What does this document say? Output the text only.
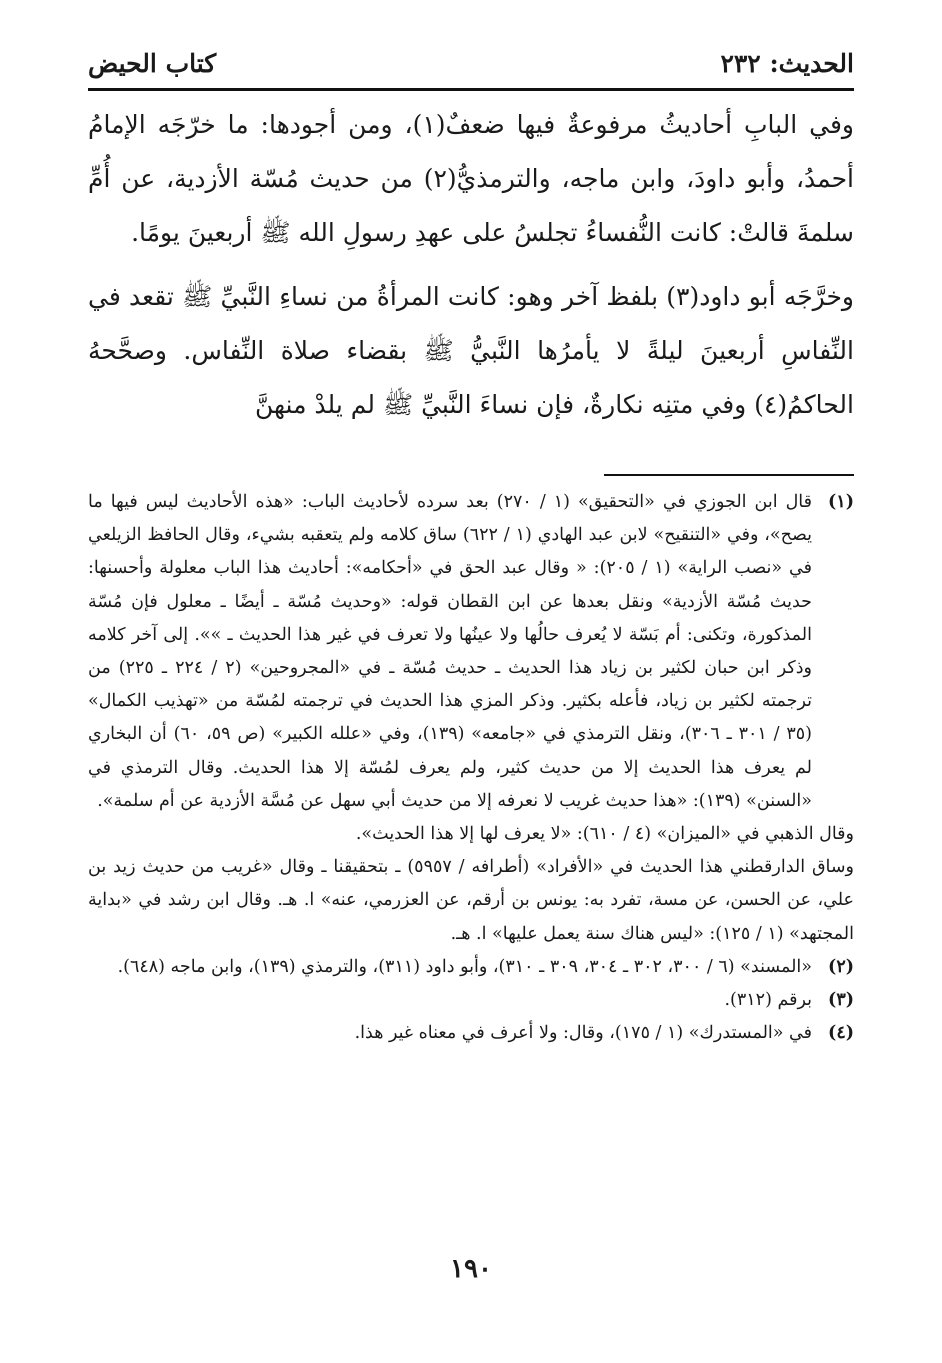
الحديث: ٢٣٢
كتاب الحيض

وفي البابِ أحاديثُ مرفوعةٌ فيها ضعفٌ(١)، ومن أجودها: ما خرّجَه الإمامُ أحمدُ، وأبو داودَ، وابن ماجه، والترمذيُّ(٢) من حديث مُسّة الأزدية، عن أُمِّ سلمةَ قالتْ: كانت النُّفساءُ تجلسُ على عهدِ رسولِ الله ﷺ أربعينَ يومًا.

وخرَّجَه أبو داود(٣) بلفظ آخر وهو: كانت المرأةُ من نساءِ النَّبيِّ ﷺ تقعد في النِّفاسِ أربعينَ ليلةً لا يأمرُها النَّبيُّ ﷺ بقضاء صلاة النِّفاس. وصحَّحهُ الحاكمُ(٤) وفي متنِه نكارةٌ، فإن نساءَ النَّبيِّ ﷺ لم يلدْ منهنَّ

(١)قال ابن الجوزي في «التحقيق» (١ / ٢٧٠) بعد سرده لأحاديث الباب: «هذه الأحاديث ليس فيها ما يصح»، وفي «التنقيح» لابن عبد الهادي (١ / ٦٢٢) ساق كلامه ولم يتعقبه بشيء، وقال الحافظ الزيلعي في «نصب الراية» (١ / ٢٠٥): « وقال عبد الحق في «أحكامه»: أحاديث هذا الباب معلولة وأحسنها: حديث مُسّة الأزدية» ونقل بعدها عن ابن القطان قوله: «وحديث مُسّة ـ أيضًا ـ معلول فإن مُسّة المذكورة، وتكنى: أم بَسّة لا يُعرف حالُها ولا عينُها ولا تعرف في غير هذا الحديث ـ »». إلى آخر كلامه وذكر ابن حبان لكثير بن زياد هذا الحديث ـ حديث مُسّة ـ في «المجروحين» (٢ / ٢٢٤ ـ ٢٢٥) من ترجمته لكثير بن زياد، فأعله بكثير. وذكر المزي هذا الحديث في ترجمته لمُسّة من «تهذيب الكمال» (٣٥ / ٣٠١ ـ ٣٠٦)، ونقل الترمذي في «جامعه» (١٣٩)، وفي «علله الكبير» (ص ٥٩، ٦٠) أن البخاري لم يعرف هذا الحديث إلا من حديث كثير، ولم يعرف لمُسّة إلا هذا الحديث. وقال الترمذي في «السنن» (١٣٩): «هذا حديث غريب لا نعرفه إلا من حديث أبي سهل عن مُسَّة الأزدية عن أم سلمة».

وقال الذهبي في «الميزان» (٤ / ٦١٠): «لا يعرف لها إلا هذا الحديث».

وساق الدارقطني هذا الحديث في «الأفراد» (أطرافه / ٥٩٥٧) ـ بتحقيقنا ـ وقال «غريب من حديث زيد بن علي، عن الحسن، عن مسة، تفرد به: يونس بن أرقم، عن العزرمي، عنه» ا. هـ. وقال ابن رشد في «بداية المجتهد» (١ / ١٢٥): «ليس هناك سنة يعمل عليها» ا. هـ.

(٢)«المسند» (٦ / ٣٠٠، ٣٠٢ ـ ٣٠٤، ٣٠٩ ـ ٣١٠)، وأبو داود (٣١١)، والترمذي (١٣٩)، وابن ماجه (٦٤٨).

(٣)برقم (٣١٢).

(٤)في «المستدرك» (١ / ١٧٥)، وقال: ولا أعرف في معناه غير هذا.

١٩٠
